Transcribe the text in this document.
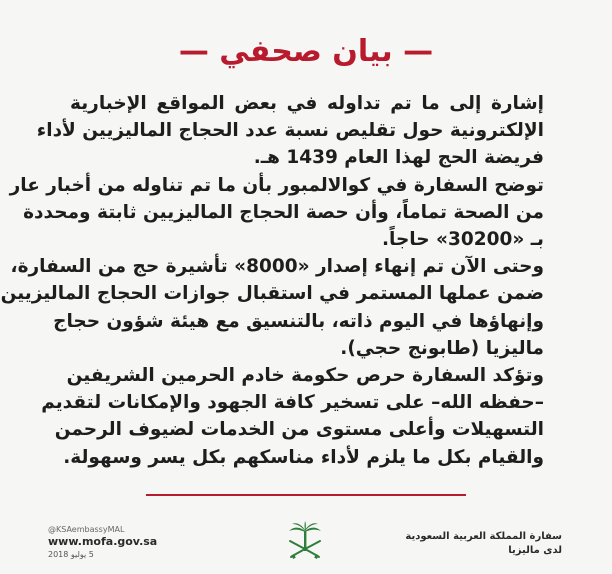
— بيان صحفي —
إشارة إلى ما تم تداوله في بعض المواقع الإخبارية
الإلكترونية حول تقليص نسبة عدد الحجاج الماليزيين لأداء
فريضة الحج لهذا العام 1439 هـ.
توضح السفارة في كوالالمبور بأن ما تم تناوله من أخبار عار
من الصحة تماماً، وأن حصة الحجاج الماليزيين ثابتة ومحددة
بـ «30200» حاجاً.
وحتى الآن تم إنهاء إصدار «8000» تأشيرة حج من السفارة،
ضمن عملها المستمر في استقبال جوازات الحجاج الماليزيين
وإنهاؤها في اليوم ذاته، بالتنسيق مع هيئة شؤون حجاج
ماليزيا (طابونج حجي).
وتؤكد السفارة حرص حكومة خادم الحرمين الشريفين
–حفظه الله– على تسخير كافة الجهود والإمكانات لتقديم
التسهيلات وأعلى مستوى من الخدمات لضيوف الرحمن
والقيام بكل ما يلزم لأداء مناسكهم بكل يسر وسهولة.
@KSAembassyMAL
www.mofa.gov.sa
5 يوليو 2018
سفارة المملكة العربية السعودية
لدى ماليزيا
